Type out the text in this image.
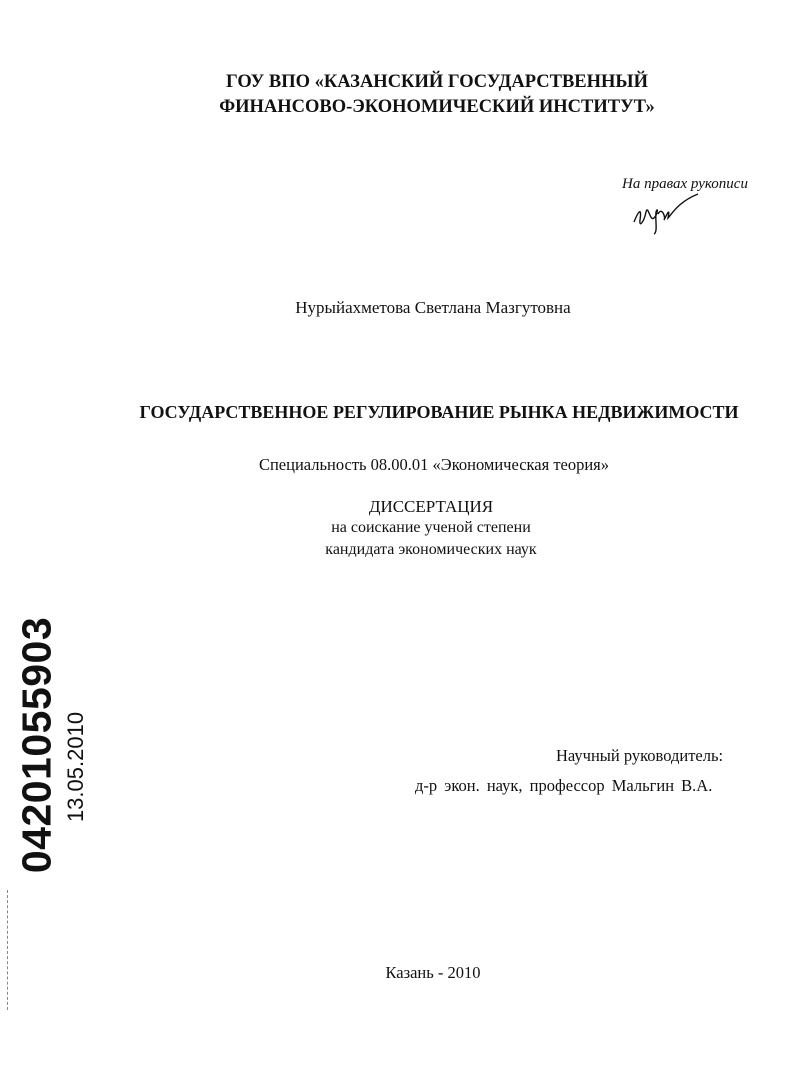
ГОУ ВПО «КАЗАНСКИЙ ГОСУДАРСТВЕННЫЙ
ФИНАНСОВО-ЭКОНОМИЧЕСКИЙ ИНСТИТУТ»
На правах рукописи
Нурыйахметова Светлана Мазгутовна
ГОСУДАРСТВЕННОЕ РЕГУЛИРОВАНИЕ РЫНКА НЕДВИЖИМОСТИ
Специальность 08.00.01 «Экономическая теория»
ДИССЕРТАЦИЯ
на соискание ученой степени
кандидата экономических наук
Научный руководитель:
д-р экон. наук, профессор Мальгин В.А.
Казань - 2010
04201055903 13.05.2010
